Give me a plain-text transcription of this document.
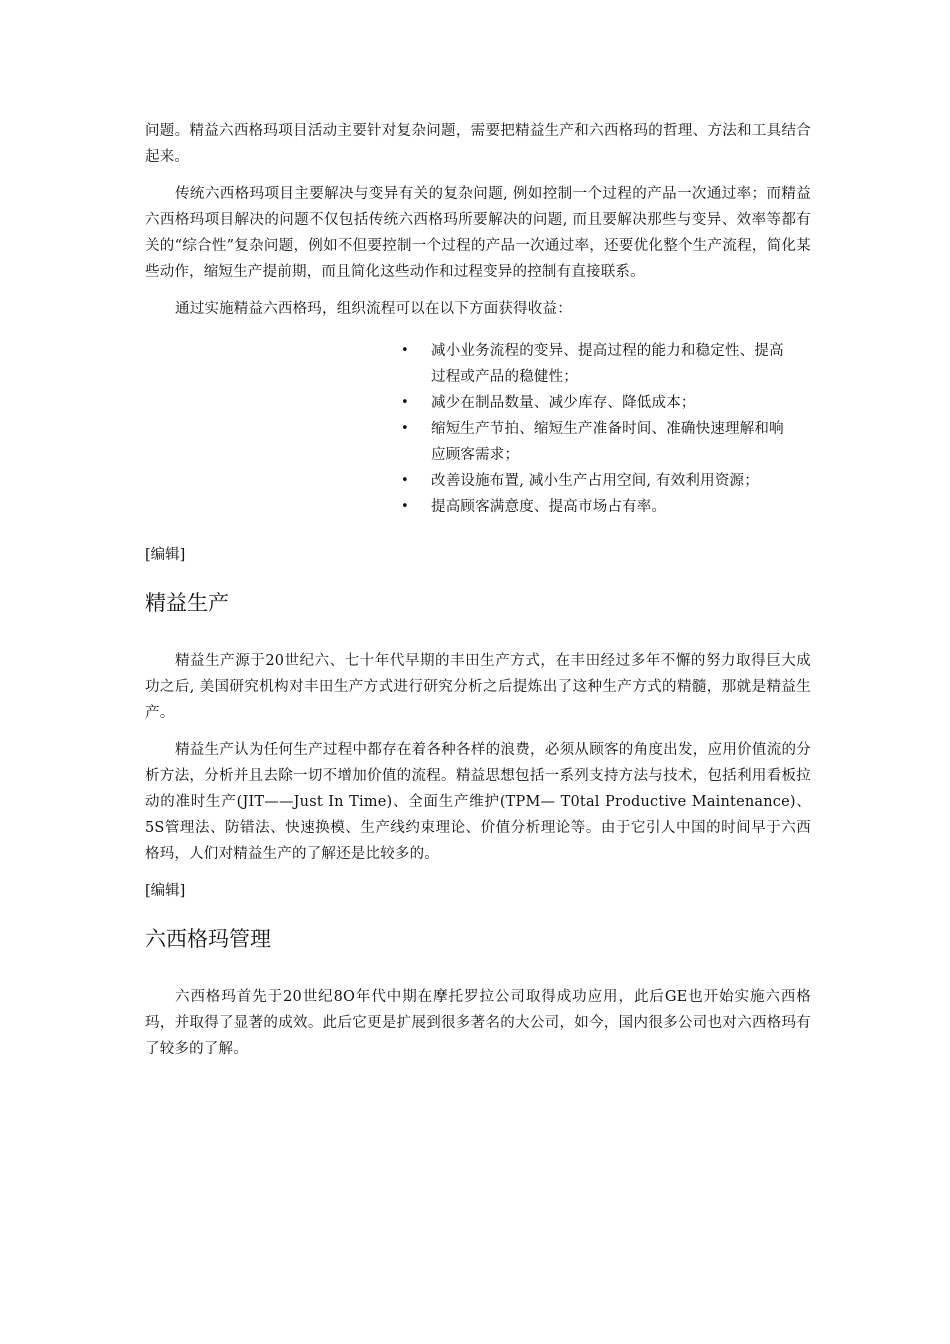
问题。精益六西格玛项目活动主要针对复杂问题，需要把精益生产和六西格玛的哲理、方法和工具结合起来。

传统六西格玛项目主要解决与变异有关的复杂问题, 例如控制一个过程的产品一次通过率；而精益六西格玛项目解决的问题不仅包括传统六西格玛所要解决的问题, 而且要解决那些与变异、效率等都有关的“综合性”复杂问题，例如不但要控制一个过程的产品一次通过率，还要优化整个生产流程，简化某些动作，缩短生产提前期，而且简化这些动作和过程变异的控制有直接联系。

通过实施精益六西格玛，组织流程可以在以下方面获得收益：

• 减小业务流程的变异、提高过程的能力和稳定性、提高过程或产品的稳健性；
• 减少在制品数量、减少库存、降低成本；
• 缩短生产节拍、缩短生产准备时间、准确快速理解和响应顾客需求；
• 改善设施布置, 减小生产占用空间, 有效利用资源；
• 提高顾客满意度、提高市场占有率。

[编辑]

精益生产

精益生产源于20世纪六、七十年代早期的丰田生产方式，在丰田经过多年不懈的努力取得巨大成功之后, 美国研究机构对丰田生产方式进行研究分析之后提炼出了这种生产方式的精髓，那就是精益生产。

精益生产认为任何生产过程中都存在着各种各样的浪费，必须从顾客的角度出发，应用价值流的分析方法，分析并且去除一切不增加价值的流程。精益思想包括一系列支持方法与技术，包括利用看板拉动的准时生产(JIT——Just In Time)、全面生产维护(TPM— T0tal Productive Maintenance)、5S管理法、防错法、快速换模、生产线约束理论、价值分析理论等。由于它引人中国的时间早于六西格玛，人们对精益生产的了解还是比较多的。

[编辑]

六西格玛管理

六西格玛首先于20世纪8O年代中期在摩托罗拉公司取得成功应用，此后GE也开始实施六西格玛，并取得了显著的成效。此后它更是扩展到很多著名的大公司，如今，国内很多公司也对六西格玛有了较多的了解。
